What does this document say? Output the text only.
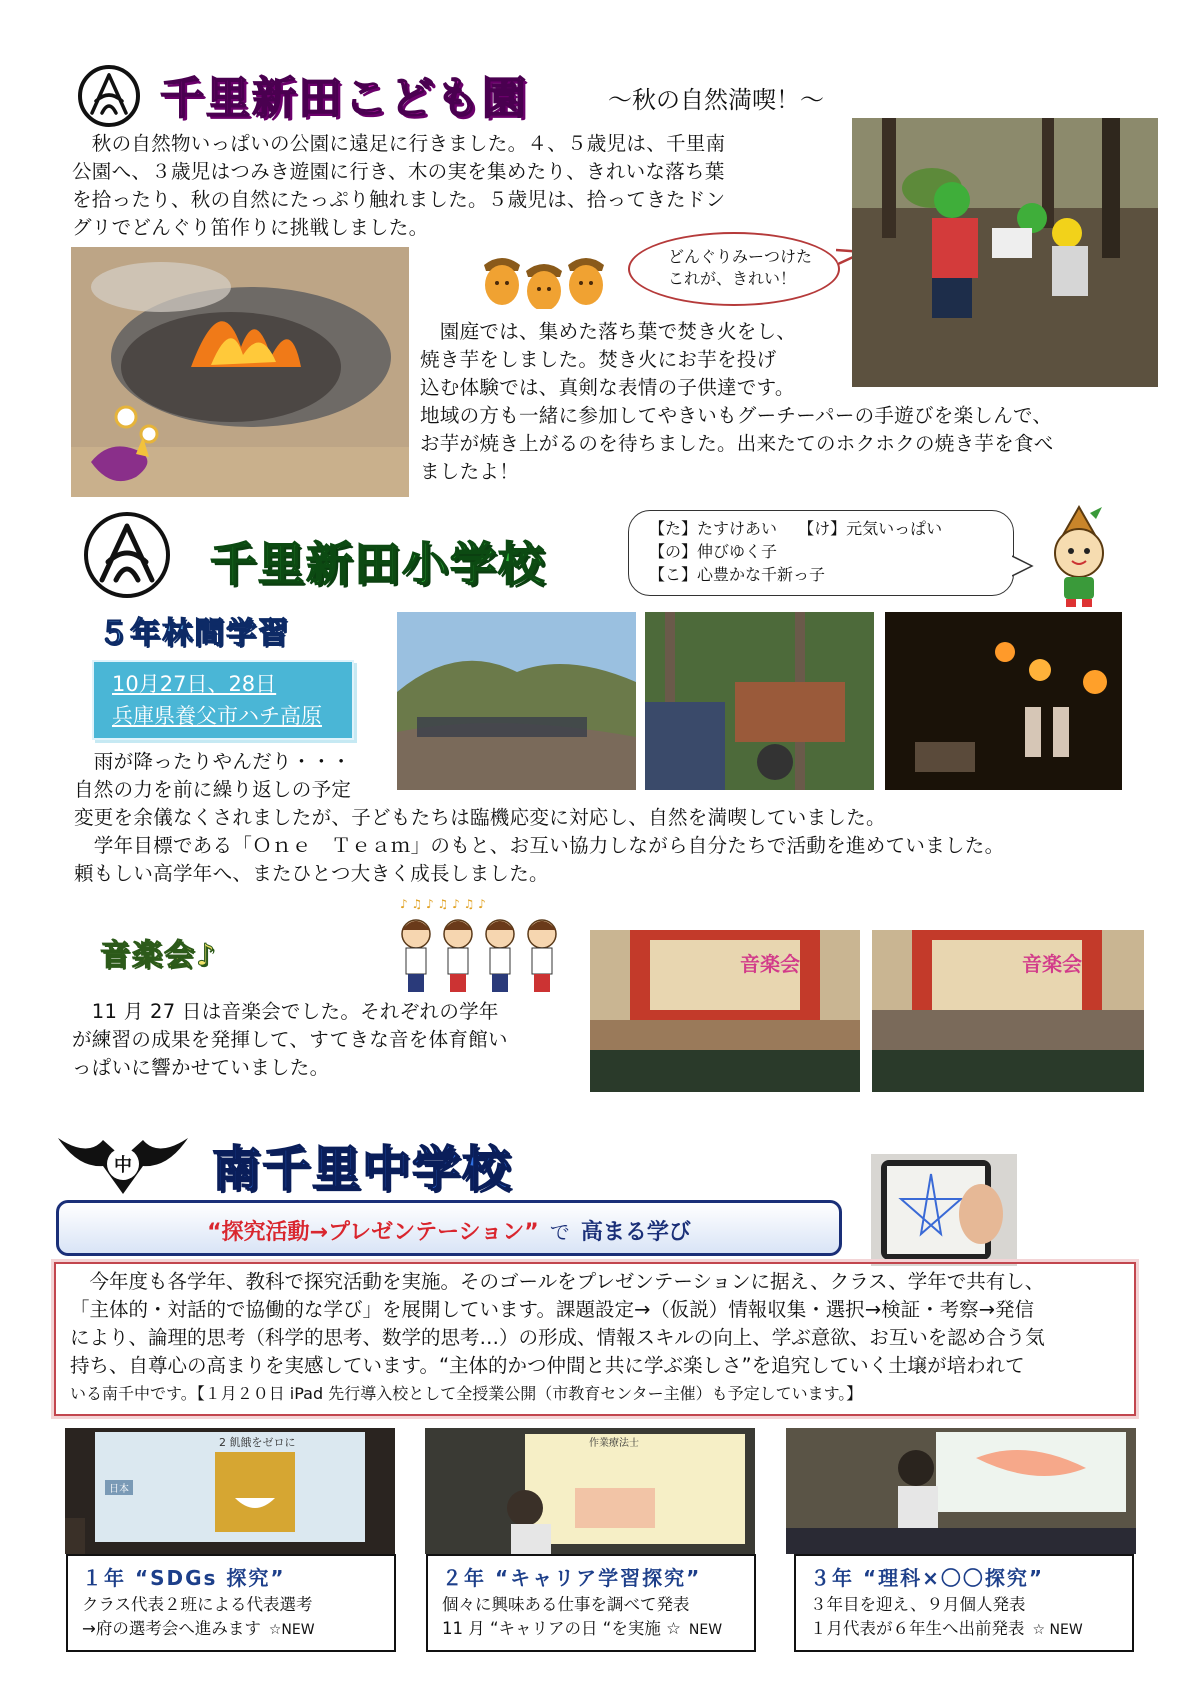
千里新田こども園	～秋の自然満喫！～
　秋の自然物いっぱいの公園に遠足に行きました。４、５歳児は、千里南
公園へ、３歳児はつみき遊園に行き、木の実を集めたり、きれいな落ち葉
を拾ったり、秋の自然にたっぷり触れました。５歳児は、拾ってきたドン
グリでどんぐり笛作りに挑戦しました。
どんぐりみーつけた
これが、きれい！
　園庭では、集めた落ち葉で焚き火をし、
焼き芋をしました。焚き火にお芋を投げ
込む体験では、真剣な表情の子供達です。
地域の方も一緒に参加してやきいもグーチーパーの手遊びを楽しんで、
お芋が焼き上がるのを待ちました。出来たてのホクホクの焼き芋を食べ
ましたよ！
千里新田小学校
【た】たすけあい　 【け】元気いっぱい
【の】伸びゆく子
【こ】心豊かな千新っ子
５年林間学習
10月27日、28日
兵庫県養父市ハチ高原
　雨が降ったりやんだり・・・
自然の力を前に繰り返しの予定
変更を余儀なくされましたが、子どもたちは臨機応変に対応し、自然を満喫していました。
　学年目標である「Ｏｎｅ　Ｔｅａｍ」のもと、お互い協力しながら自分たちで活動を進めていました。
頼もしい高学年へ、またひとつ大きく成長しました。
音楽会♪
♪ ♫ ♪ ♫ ♪ ♫ ♪
　11 月 27 日は音楽会でした。それぞれの学年
が練習の成果を発揮して、すてきな音を体育館い
っぱいに響かせていました。
音楽会	音楽会
中 南千里中学校
“探究活動→プレゼンテーション” で 高まる学び
　今年度も各学年、教科で探究活動を実施。そのゴールをプレゼンテーションに据え、クラス、学年で共有し、
「主体的・対話的で協働的な学び」を展開しています。課題設定→（仮説）情報収集・選択→検証・考察→発信
により、論理的思考（科学的思考、数学的思考…）の形成、情報スキルの向上、学ぶ意欲、お互いを認め合う気
持ち、自尊心の高まりを実感しています。“主体的かつ仲間と共に学ぶ楽しさ”を追究していく土壌が培われて
いる南千中です。【１月２０日 iPad 先行導入校として全授業公開（市教育センター主催）も予定しています。】
2 飢餓をゼロに
日本
作業療法士
１年 “SDGs 探究”
クラス代表２班による代表選考
→府の選考会へ進みます ☆NEW
２年 “キャリア学習探究”
個々に興味ある仕事を調べて発表
11 月 “キャリアの日 “を実施 ☆ NEW
３年 “理科×〇〇探究”
３年目を迎え、９月個人発表
１月代表が６年生へ出前発表 ☆ NEW
